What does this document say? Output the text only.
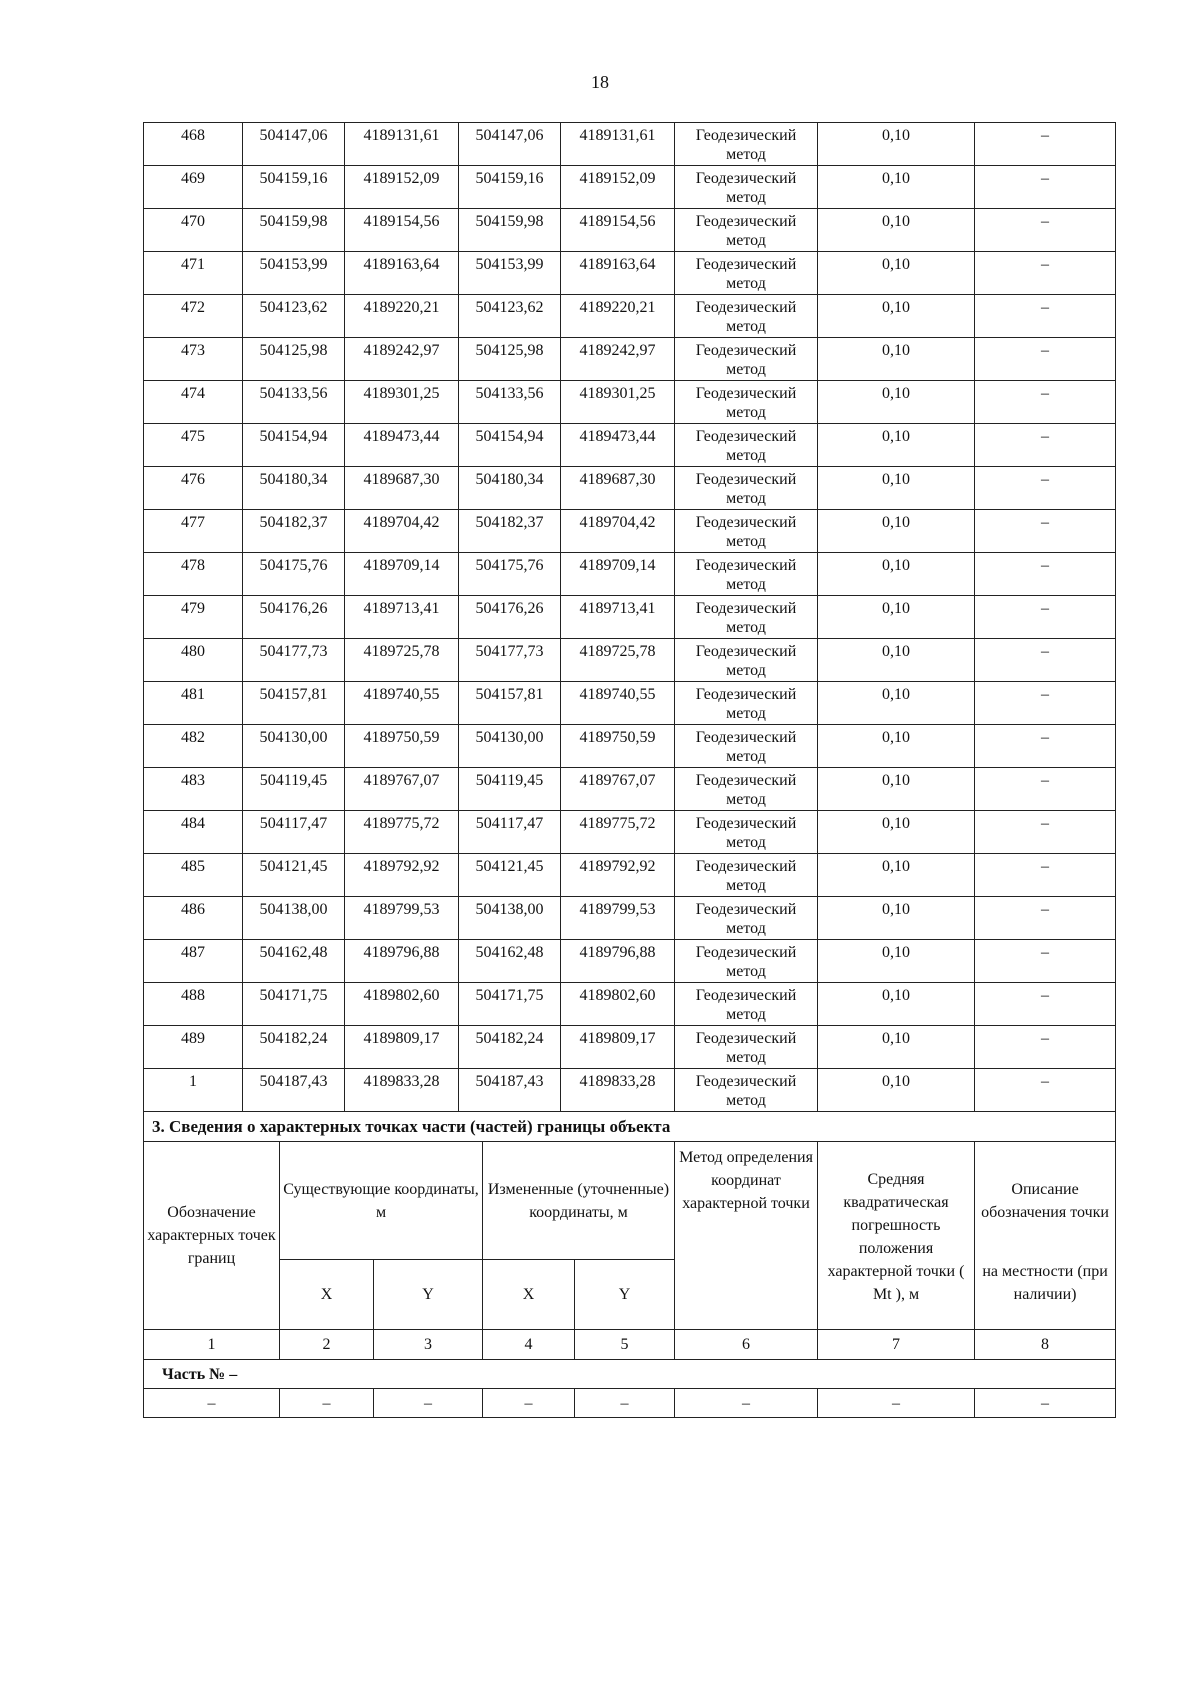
18
468	504147,06	4189131,61	504147,06	4189131,61	Геодезический метод	0,10	–
469	504159,16	4189152,09	504159,16	4189152,09	Геодезический метод	0,10	–
470	504159,98	4189154,56	504159,98	4189154,56	Геодезический метод	0,10	–
471	504153,99	4189163,64	504153,99	4189163,64	Геодезический метод	0,10	–
472	504123,62	4189220,21	504123,62	4189220,21	Геодезический метод	0,10	–
473	504125,98	4189242,97	504125,98	4189242,97	Геодезический метод	0,10	–
474	504133,56	4189301,25	504133,56	4189301,25	Геодезический метод	0,10	–
475	504154,94	4189473,44	504154,94	4189473,44	Геодезический метод	0,10	–
476	504180,34	4189687,30	504180,34	4189687,30	Геодезический метод	0,10	–
477	504182,37	4189704,42	504182,37	4189704,42	Геодезический метод	0,10	–
478	504175,76	4189709,14	504175,76	4189709,14	Геодезический метод	0,10	–
479	504176,26	4189713,41	504176,26	4189713,41	Геодезический метод	0,10	–
480	504177,73	4189725,78	504177,73	4189725,78	Геодезический метод	0,10	–
481	504157,81	4189740,55	504157,81	4189740,55	Геодезический метод	0,10	–
482	504130,00	4189750,59	504130,00	4189750,59	Геодезический метод	0,10	–
483	504119,45	4189767,07	504119,45	4189767,07	Геодезический метод	0,10	–
484	504117,47	4189775,72	504117,47	4189775,72	Геодезический метод	0,10	–
485	504121,45	4189792,92	504121,45	4189792,92	Геодезический метод	0,10	–
486	504138,00	4189799,53	504138,00	4189799,53	Геодезический метод	0,10	–
487	504162,48	4189796,88	504162,48	4189796,88	Геодезический метод	0,10	–
488	504171,75	4189802,60	504171,75	4189802,60	Геодезический метод	0,10	–
489	504182,24	4189809,17	504182,24	4189809,17	Геодезический метод	0,10	–
1	504187,43	4189833,28	504187,43	4189833,28	Геодезический метод	0,10	–
3. Сведения о характерных точках части (частей) границы объекта							
Обозначение характерных точек границ	Существующие координаты, м		Измененные (уточненные) координаты, м		Метод определения координат характерной точки	Средняя квадратическая погрешность положения	Описание обозначения точки
	X	Y	X	Y		характерной точки ( Mt ), м	на местности (при наличии)
1	2	3	4	5	6	7	8
Часть № –							
–	–	–	–	–	–	–	–
